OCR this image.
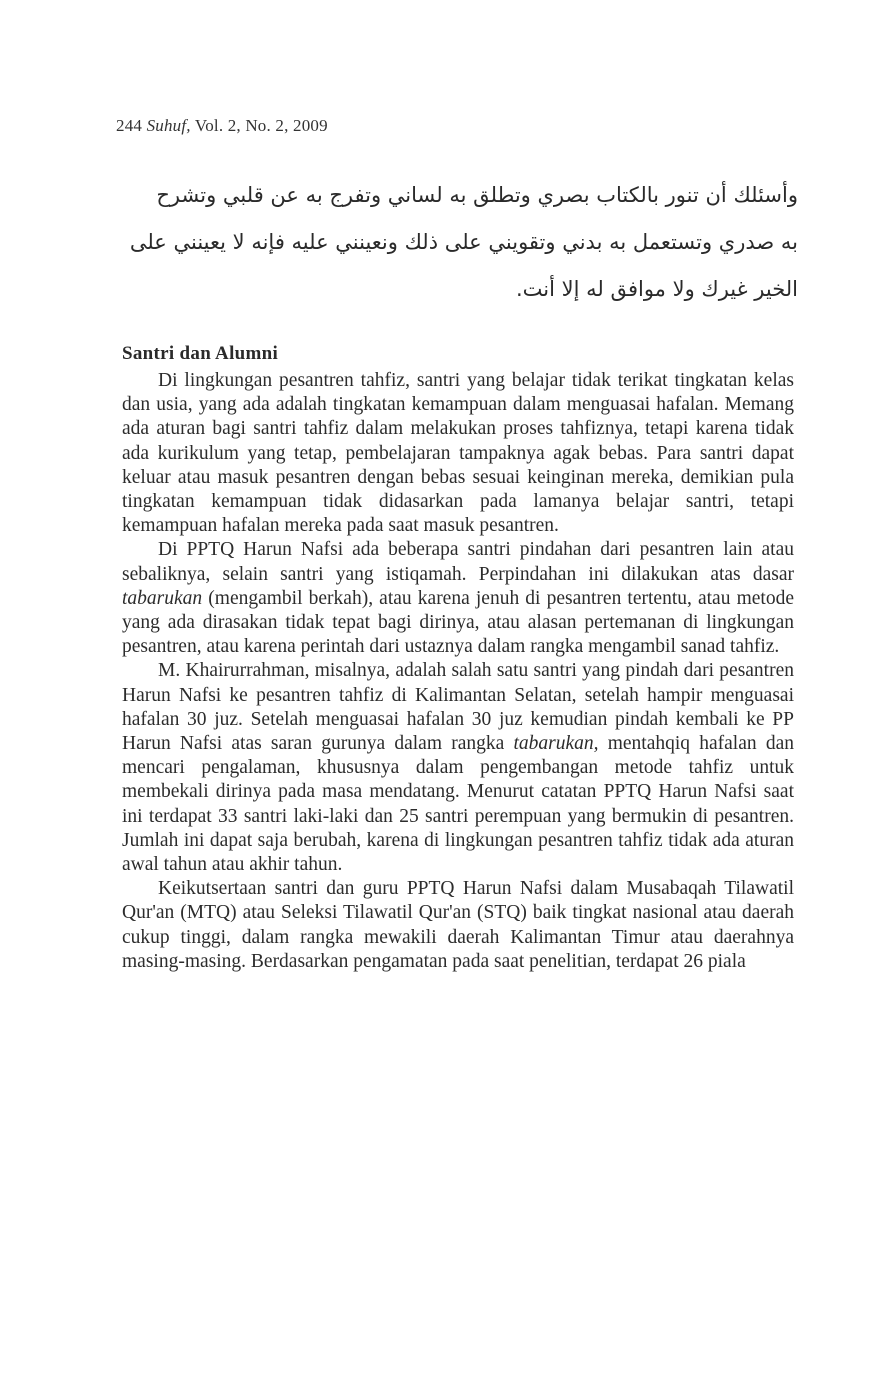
244 Suhuf, Vol. 2, No. 2, 2009
وأسئلك أن تنور بالكتاب بصري وتطلق به لساني وتفرج به عن قلبي وتشرح
به صدري وتستعمل به بدني وتقويني على ذلك ونعينني عليه فإنه لا يعينني على
الخير غيرك ولا موافق له إلا أنت.
Santri dan Alumni

Di lingkungan pesantren tahfiz, santri yang belajar tidak terikat tingkatan kelas dan usia, yang ada adalah tingkatan kemampuan dalam menguasai hafalan. Memang ada aturan bagi santri tahfiz dalam melakukan proses tahfiznya, tetapi karena tidak ada kurikulum yang tetap, pembelajaran tampaknya agak bebas. Para santri dapat keluar atau masuk pesantren dengan bebas sesuai keinginan mereka, demikian pula tingkatan kemampuan tidak didasarkan pada lamanya belajar santri, tetapi kemampuan hafalan mereka pada saat masuk pesantren.

Di PPTQ Harun Nafsi ada beberapa santri pindahan dari pesantren lain atau sebaliknya, selain santri yang istiqamah. Perpindahan ini dilakukan atas dasar tabarukan (mengambil berkah), atau karena jenuh di pesantren tertentu, atau metode yang ada dirasakan tidak tepat bagi dirinya, atau alasan pertemanan di lingkungan pesantren, atau karena perintah dari ustaznya dalam rangka mengambil sanad tahfiz.

M. Khairurrahman, misalnya, adalah salah satu santri yang pindah dari pesantren Harun Nafsi ke pesantren tahfiz di Kalimantan Selatan, setelah hampir menguasai hafalan 30 juz. Setelah menguasai hafalan 30 juz kemudian pindah kembali ke PP Harun Nafsi atas saran gurunya dalam rangka tabarukan, mentahqiq hafalan dan mencari pengalaman, khususnya dalam pengembangan metode tahfiz untuk membekali dirinya pada masa mendatang. Menurut catatan PPTQ Harun Nafsi saat ini terdapat 33 santri laki-laki dan 25 santri perempuan yang bermukin di pesantren. Jumlah ini dapat saja berubah, karena di lingkungan pesantren tahfiz tidak ada aturan awal tahun atau akhir tahun.

Keikutsertaan santri dan guru PPTQ Harun Nafsi dalam Musabaqah Tilawatil Qur'an (MTQ) atau Seleksi Tilawatil Qur'an (STQ) baik tingkat nasional atau daerah cukup tinggi, dalam rangka mewakili daerah Kalimantan Timur atau daerahnya masing-masing. Berdasarkan pengamatan pada saat penelitian, terdapat 26 piala
